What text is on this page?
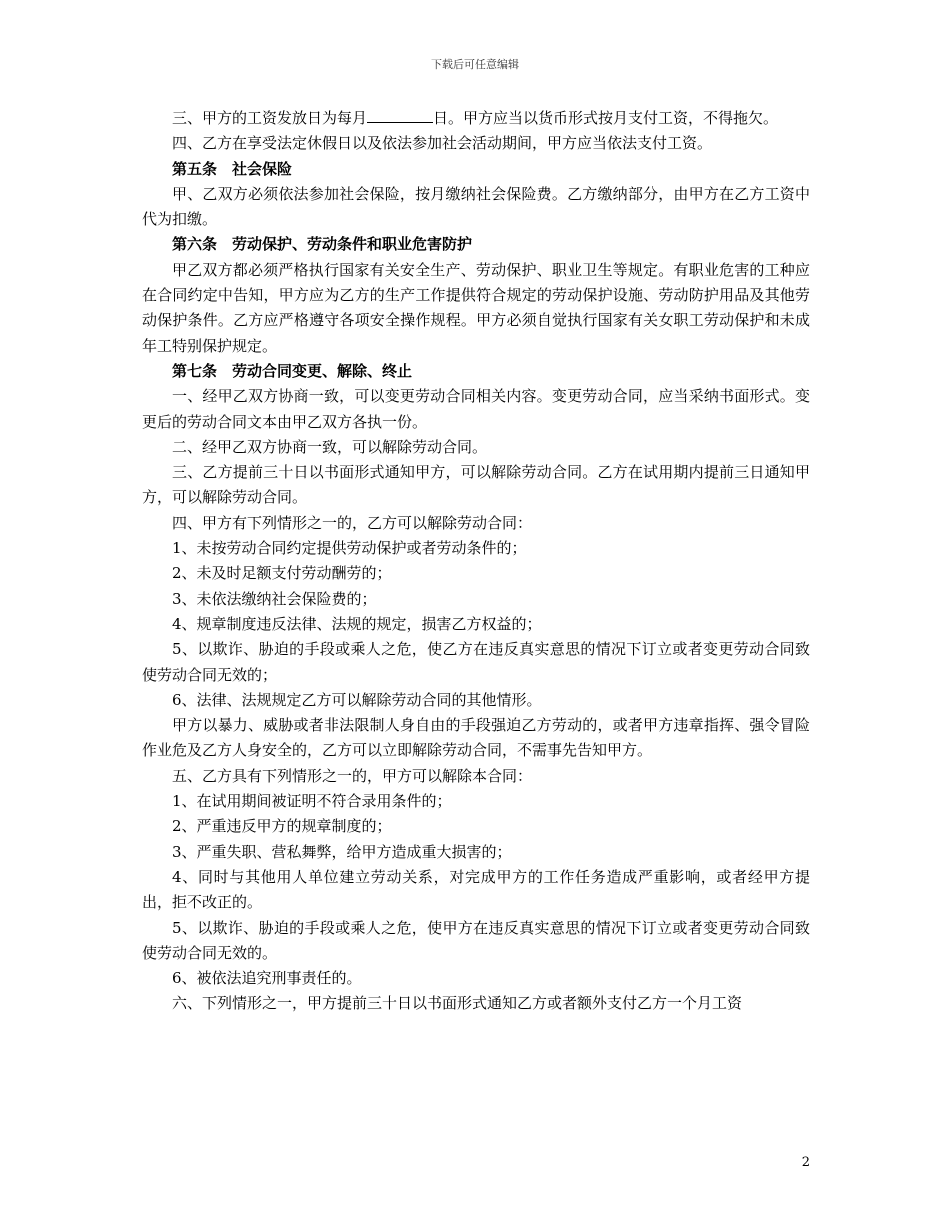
下载后可任意编辑

三、甲方的工资发放日为每月	日。甲方应当以货币形式按月支付工资，不得拖欠。

四、乙方在享受法定休假日以及依法参加社会活动期间，甲方应当依法支付工资。

第五条　社会保险

甲、乙双方必须依法参加社会保险，按月缴纳社会保险费。乙方缴纳部分，由甲方在乙方工资中代为扣缴。

第六条　劳动保护、劳动条件和职业危害防护

甲乙双方都必须严格执行国家有关安全生产、劳动保护、职业卫生等规定。有职业危害的工种应在合同约定中告知，甲方应为乙方的生产工作提供符合规定的劳动保护设施、劳动防护用品及其他劳动保护条件。乙方应严格遵守各项安全操作规程。甲方必须自觉执行国家有关女职工劳动保护和未成年工特别保护规定。

第七条　劳动合同变更、解除、终止

一、经甲乙双方协商一致，可以变更劳动合同相关内容。变更劳动合同，应当采纳书面形式。变更后的劳动合同文本由甲乙双方各执一份。

二、经甲乙双方协商一致，可以解除劳动合同。

三、乙方提前三十日以书面形式通知甲方，可以解除劳动合同。乙方在试用期内提前三日通知甲方，可以解除劳动合同。

四、甲方有下列情形之一的，乙方可以解除劳动合同：

1、未按劳动合同约定提供劳动保护或者劳动条件的；

2、未及时足额支付劳动酬劳的；

3、未依法缴纳社会保险费的；

4、规章制度违反法律、法规的规定，损害乙方权益的；

5、以欺诈、胁迫的手段或乘人之危，使乙方在违反真实意思的情况下订立或者变更劳动合同致使劳动合同无效的；

6、法律、法规规定乙方可以解除劳动合同的其他情形。

甲方以暴力、威胁或者非法限制人身自由的手段强迫乙方劳动的，或者甲方违章指挥、强令冒险作业危及乙方人身安全的，乙方可以立即解除劳动合同，不需事先告知甲方。

五、乙方具有下列情形之一的，甲方可以解除本合同：

1、在试用期间被证明不符合录用条件的；

2、严重违反甲方的规章制度的；

3、严重失职、营私舞弊，给甲方造成重大损害的；

4、同时与其他用人单位建立劳动关系，对完成甲方的工作任务造成严重影响，或者经甲方提出，拒不改正的。

5、以欺诈、胁迫的手段或乘人之危，使甲方在违反真实意思的情况下订立或者变更劳动合同致使劳动合同无效的。

6、被依法追究刑事责任的。

六、下列情形之一，甲方提前三十日以书面形式通知乙方或者额外支付乙方一个月工资

2
